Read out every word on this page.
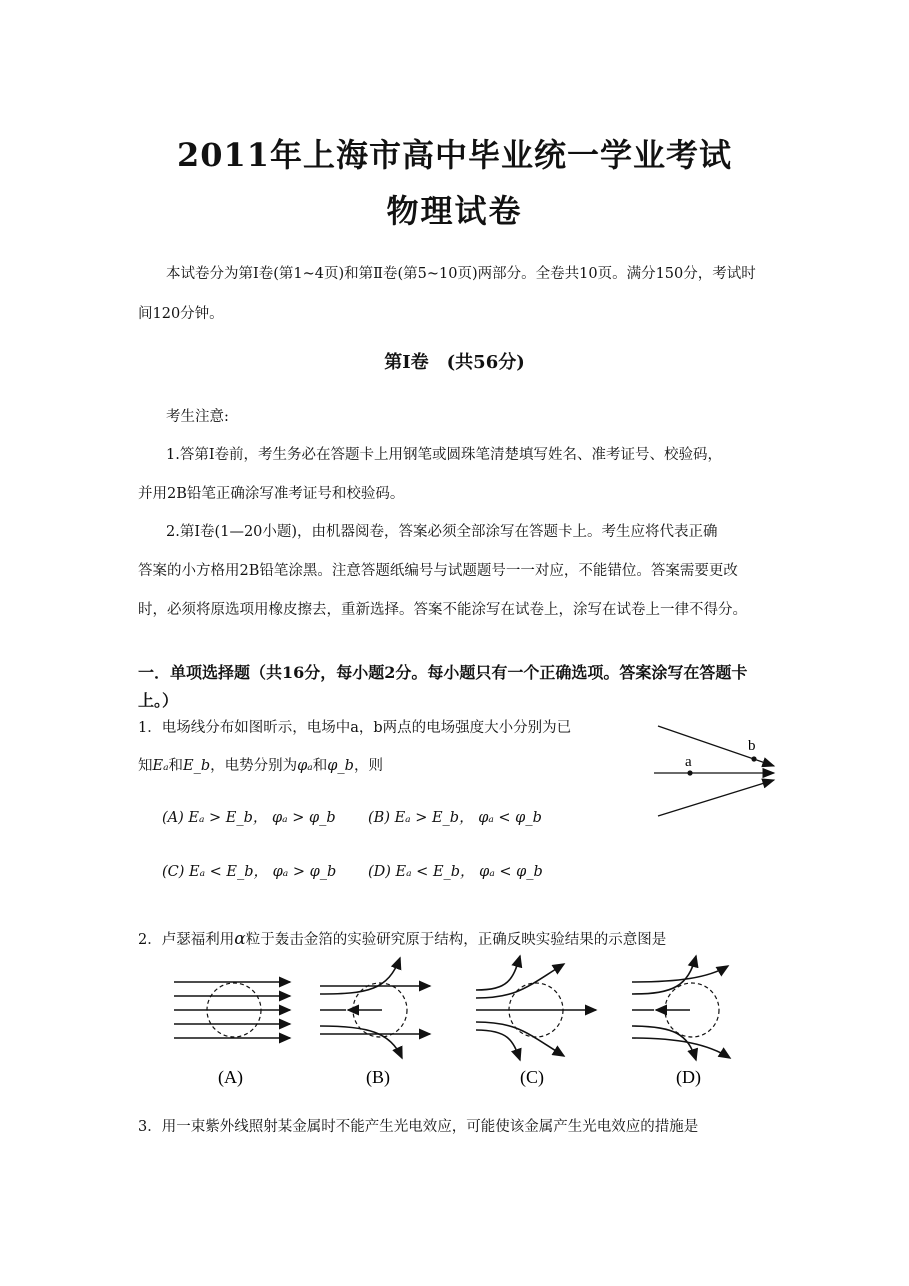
2011年上海市高中毕业统一学业考试
物理试卷
本试卷分为第Ⅰ卷(第1~4页)和第Ⅱ卷(第5~10页)两部分。全卷共10页。满分150分，考试时
间120分钟。
第Ⅰ卷　(共56分)
考生注意:
1.答第Ⅰ卷前，考生务必在答题卡上用钢笔或圆珠笔清楚填写姓名、准考证号、校验码，
并用2B铅笔正确涂写准考证号和校验码。
2.第Ⅰ卷(1—20小题)，由机器阅卷，答案必须全部涂写在答题卡上。考生应将代表正确
答案的小方格用2B铅笔涂黑。注意答题纸编号与试题题号一一对应，不能错位。答案需要更改
时，必须将原选项用橡皮擦去，重新选择。答案不能涂写在试卷上，涂写在试卷上一律不得分。
一．单项选择题（共16分，每小题2分。每小题只有一个正确选项。答案涂写在答题卡
上。）
1．电场线分布如图昕示，电场中a，b两点的电场强度大小分别为已
知Eₐ和E_b，电势分别为φₐ和φ_b，则
(A) Eₐ > E_b， φₐ > φ_b (B) Eₐ > E_b， φₐ < φ_b
(C) Eₐ < E_b， φₐ > φ_b (D) Eₐ < E_b， φₐ < φ_b
a
b
2．卢瑟福利用α粒于轰击金箔的实验研究原于结构，正确反映实验结果的示意图是
(A)	(B)	(C)	(D)
3．用一束紫外线照射某金属时不能产生光电效应，可能使该金属产生光电效应的措施是
